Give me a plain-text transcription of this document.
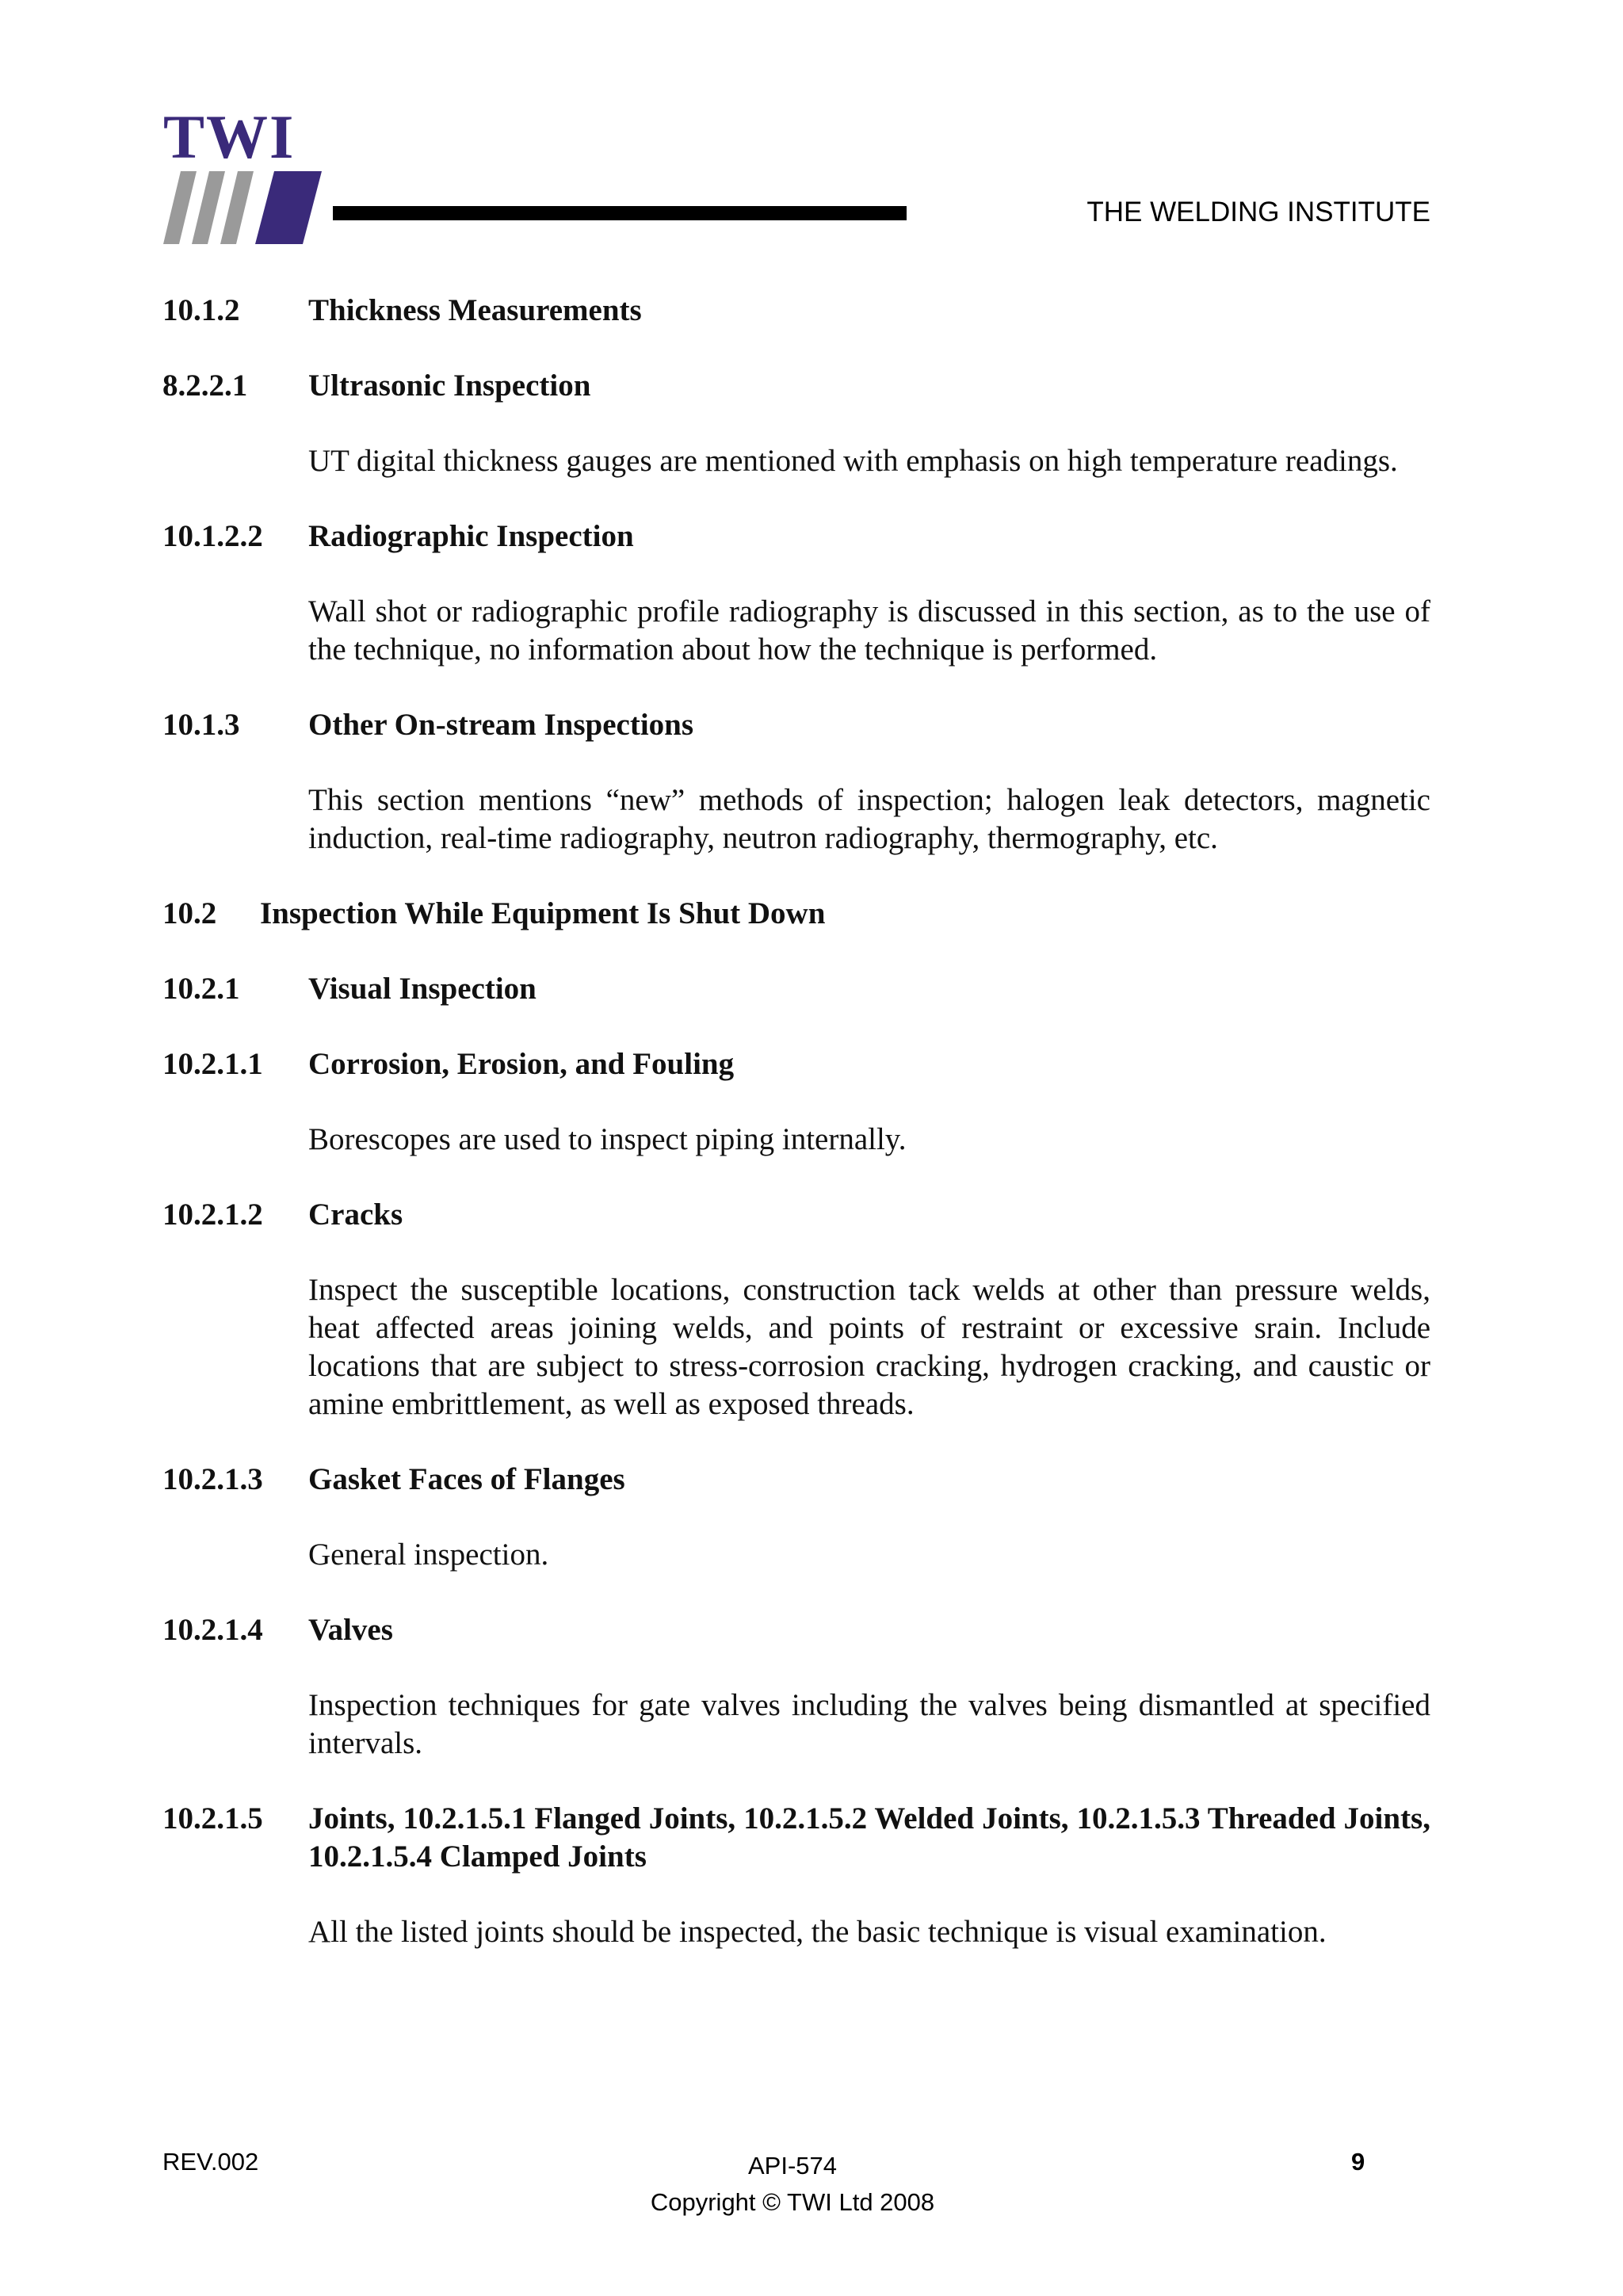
TWI
THE WELDING INSTITUTE
10.1.2 Thickness Measurements
8.2.2.1 Ultrasonic Inspection

UT digital thickness gauges are mentioned with emphasis on high temperature readings.

10.1.2.2 Radiographic Inspection

Wall shot or radiographic profile radiography is discussed in this section, as to the use of the technique, no information about how the technique is performed.

10.1.3 Other On-stream Inspections

This section mentions “new” methods of inspection; halogen leak detectors, magnetic induction, real-time radiography, neutron radiography, thermography, etc.

10.2 Inspection While Equipment Is Shut Down
10.2.1 Visual Inspection
10.2.1.1 Corrosion, Erosion, and Fouling

Borescopes are used to inspect piping internally.

10.2.1.2 Cracks

Inspect the susceptible locations, construction tack welds at other than pressure welds, heat affected areas joining welds, and points of restraint or excessive srain. Include locations that are subject to stress-corrosion cracking, hydrogen cracking, and caustic or amine embrittlement, as well as exposed threads.

10.2.1.3 Gasket Faces of Flanges

General inspection.

10.2.1.4 Valves

Inspection techniques for gate valves including the valves being dismantled at specified intervals.

10.2.1.5 Joints, 10.2.1.5.1 Flanged Joints, 10.2.1.5.2 Welded Joints, 10.2.1.5.3 Threaded Joints, 10.2.1.5.4 Clamped Joints

All the listed joints should be inspected, the basic technique is visual examination.

REV.002	API-574
Copyright © TWI Ltd 2008
9
